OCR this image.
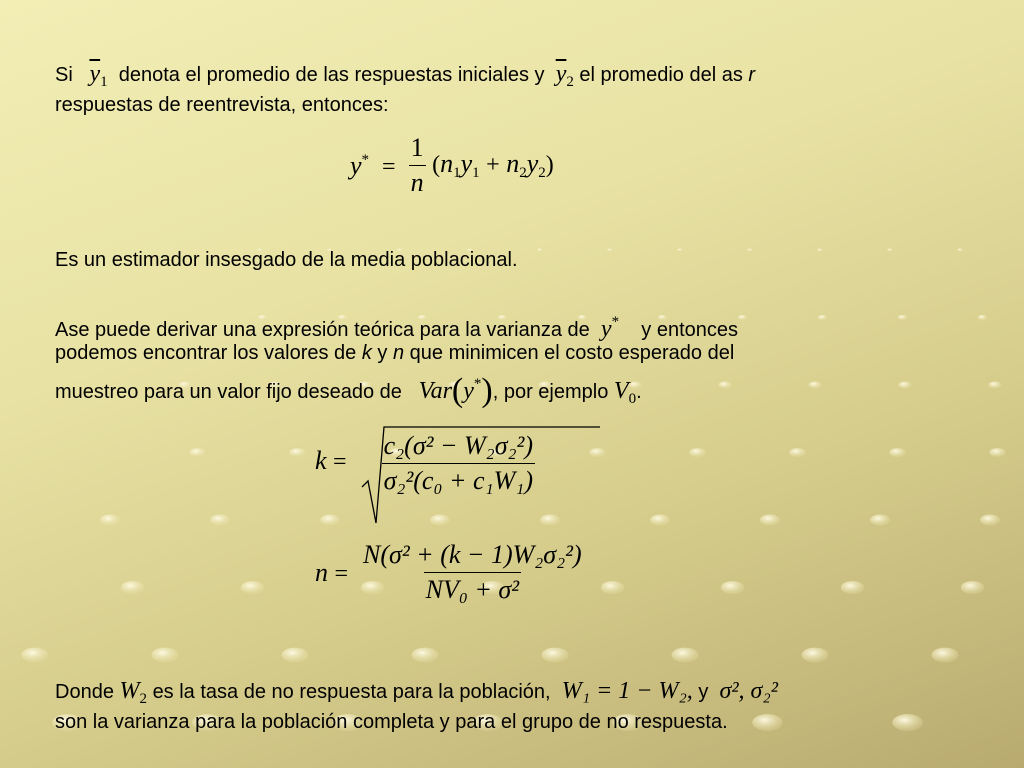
Si $\overline{y}_1$ denota el promedio de las respuestas iniciales y $\overline{y}_2$ el promedio del as r
respuestas de reentrevista, entonces:
$y^* = \frac{1}{n} (n_1y_1 + n_2y_2)$
Es un estimador insesgado de la media poblacional.
Ase puede derivar una expresión teórica para la varianza de y* y entonces
podemos encontrar los valores de k y n que minimicen el costo esperado del
muestreo para un valor fijo deseado de Var(y*), por ejemplo $V_0$.
$k = \frac{\text{c₂(σ² − W₂σ₂²)}}{\text{σ₂²(c₀ + c₁W₁)}}$
$n = \frac{\text{N(σ² + (k − 1)W₂σ₂²)}}{\text{NV₀ + σ²}}$
Donde $W_2$ es la tasa de no respuesta para la población, W₁ = 1 − W₂, y σ², σ₂²
son la varianza para la población completa y para el grupo de no respuesta.
